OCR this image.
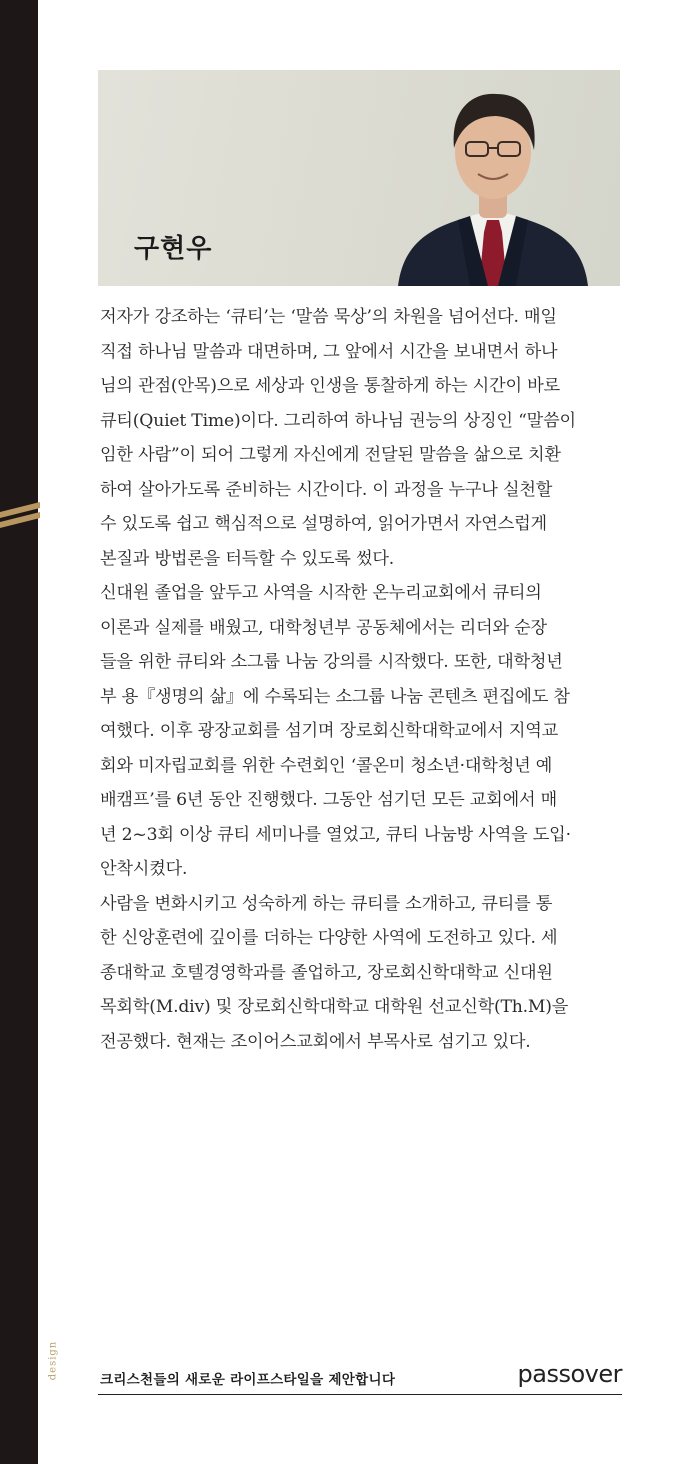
design
구현우

저자가 강조하는 ‘큐티’는 ‘말씀 묵상’의 차원을 넘어선다. 매일
직접 하나님 말씀과 대면하며, 그 앞에서 시간을 보내면서 하나
님의 관점(안목)으로 세상과 인생을 통찰하게 하는 시간이 바로
큐티(Quiet Time)이다. 그리하여 하나님 권능의 상징인 “말씀이
임한 사람”이 되어 그렇게 자신에게 전달된 말씀을 삶으로 치환
하여 살아가도록 준비하는 시간이다. 이 과정을 누구나 실천할
수 있도록 쉽고 핵심적으로 설명하여, 읽어가면서 자연스럽게
본질과 방법론을 터득할 수 있도록 썼다.

신대원 졸업을 앞두고 사역을 시작한 온누리교회에서 큐티의
이론과 실제를 배웠고, 대학청년부 공동체에서는 리더와 순장
들을 위한 큐티와 소그룹 나눔 강의를 시작했다. 또한, 대학청년
부 용『생명의 삶』에 수록되는 소그룹 나눔 콘텐츠 편집에도 참
여했다. 이후 광장교회를 섬기며 장로회신학대학교에서 지역교
회와 미자립교회를 위한 수련회인 ‘콜온미 청소년·대학청년 예
배캠프’를 6년 동안 진행했다. 그동안 섬기던 모든 교회에서 매
년 2~3회 이상 큐티 세미나를 열었고, 큐티 나눔방 사역을 도입·
안착시켰다.

사람을 변화시키고 성숙하게 하는 큐티를 소개하고, 큐티를 통
한 신앙훈련에 깊이를 더하는 다양한 사역에 도전하고 있다. 세
종대학교 호텔경영학과를 졸업하고, 장로회신학대학교 신대원
목회학(M.div) 및 장로회신학대학교 대학원 선교신학(Th.M)을
전공했다. 현재는 조이어스교회에서 부목사로 섬기고 있다.

크리스천들의 새로운 라이프스타일을 제안합니다	passover
